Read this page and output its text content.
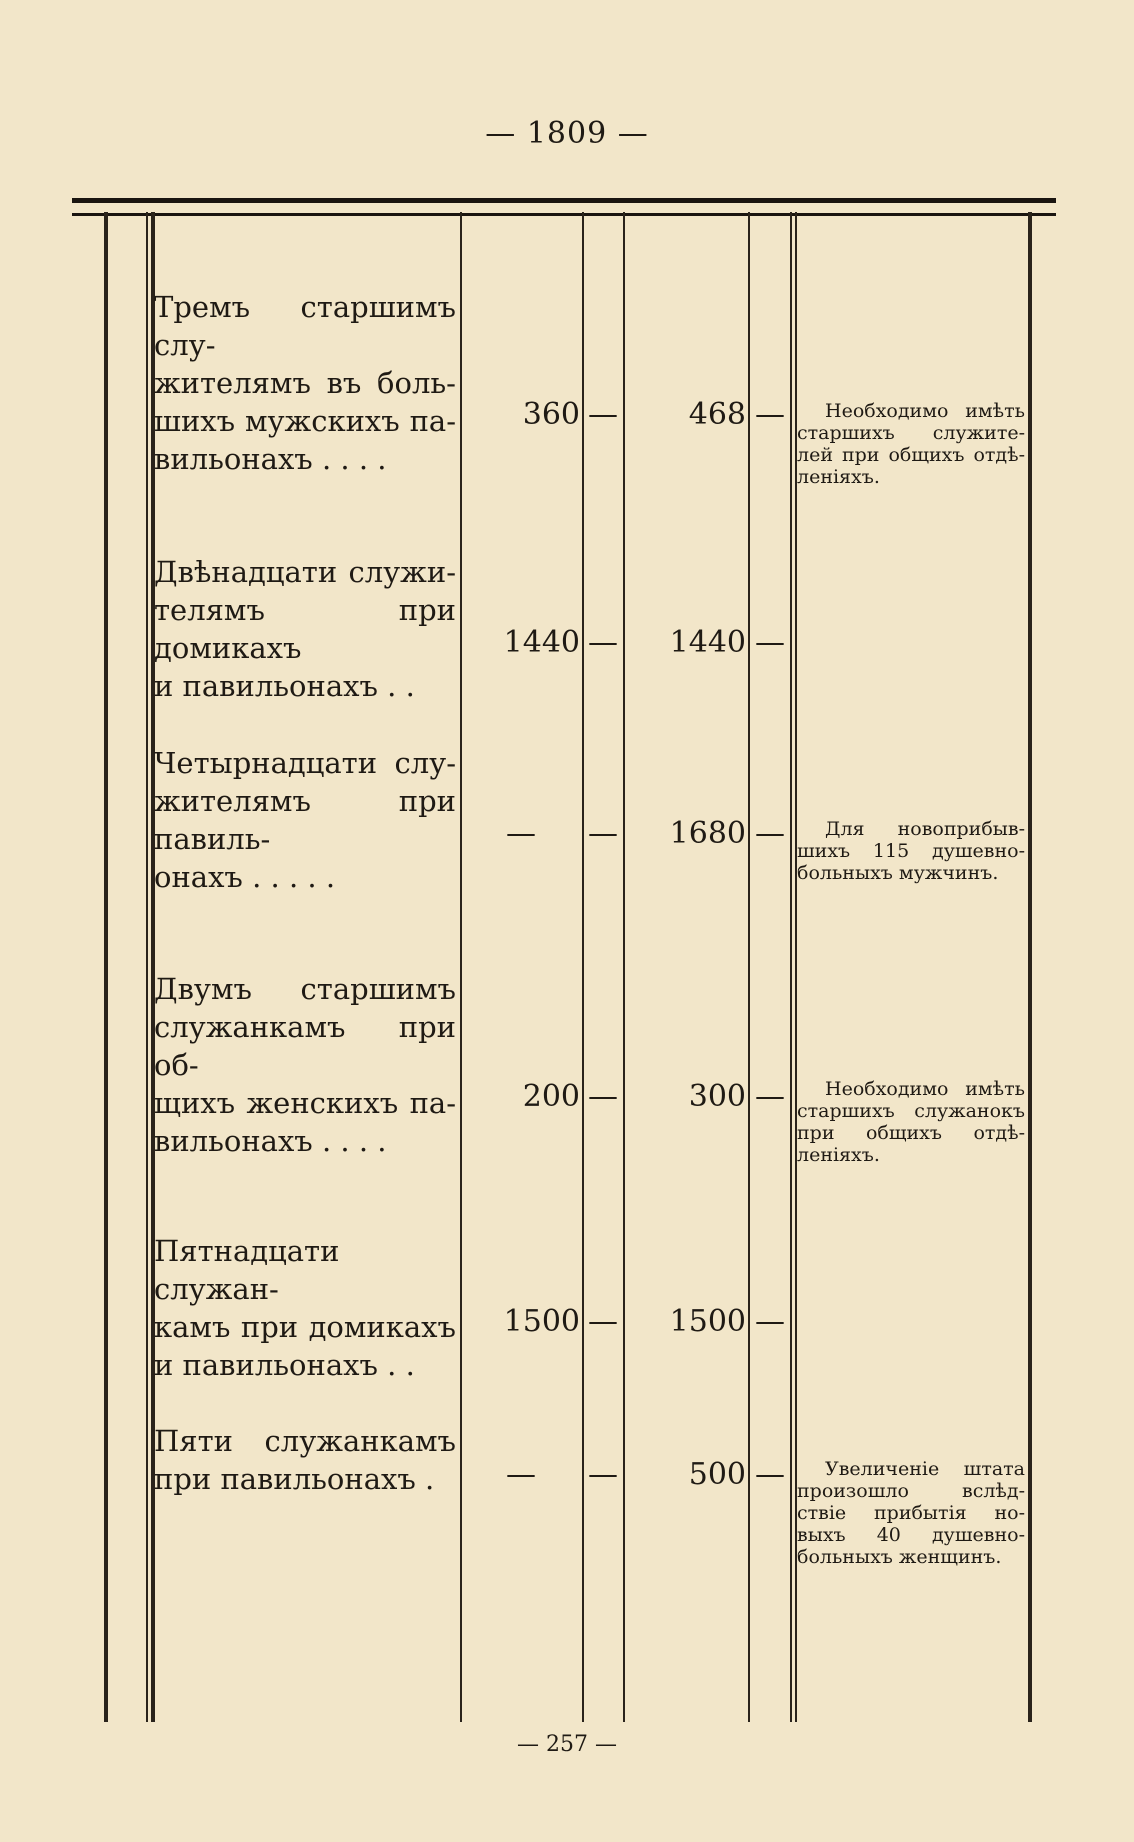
— 1809 —
Тремъ старшимъ слу-
жителямъ въ боль-
шихъ мужскихъ па-
вильонахъ . . . .
360 —	468 —	Необходимо имѣть
старшихъ служите-
лей при общихъ отдѣ-
леніяхъ.
Двѣнадцати служи-
телямъ при домикахъ
и павильонахъ . .
1440 —	1440 —
Четырнадцати слу-
жителямъ при павиль-
онахъ . . . . .
—	—	1680 —	Для новоприбыв-
шихъ 115 душевно-
больныхъ мужчинъ.
Двумъ старшимъ
служанкамъ при об-
щихъ женскихъ па-
вильонахъ . . . .
200 —	300 —	Необходимо имѣть
старшихъ служанокъ
при общихъ отдѣ-
леніяхъ.
Пятнадцати служан-
камъ при домикахъ
и павильонахъ . .
1500 —	1500 —
Пяти служанкамъ
при павильонахъ .	—	—	500 —	Увеличеніе штата
произошло вслѣд-
ствіе прибытія но-
выхъ 40 душевно-
больныхъ женщинъ.
— 257 —
